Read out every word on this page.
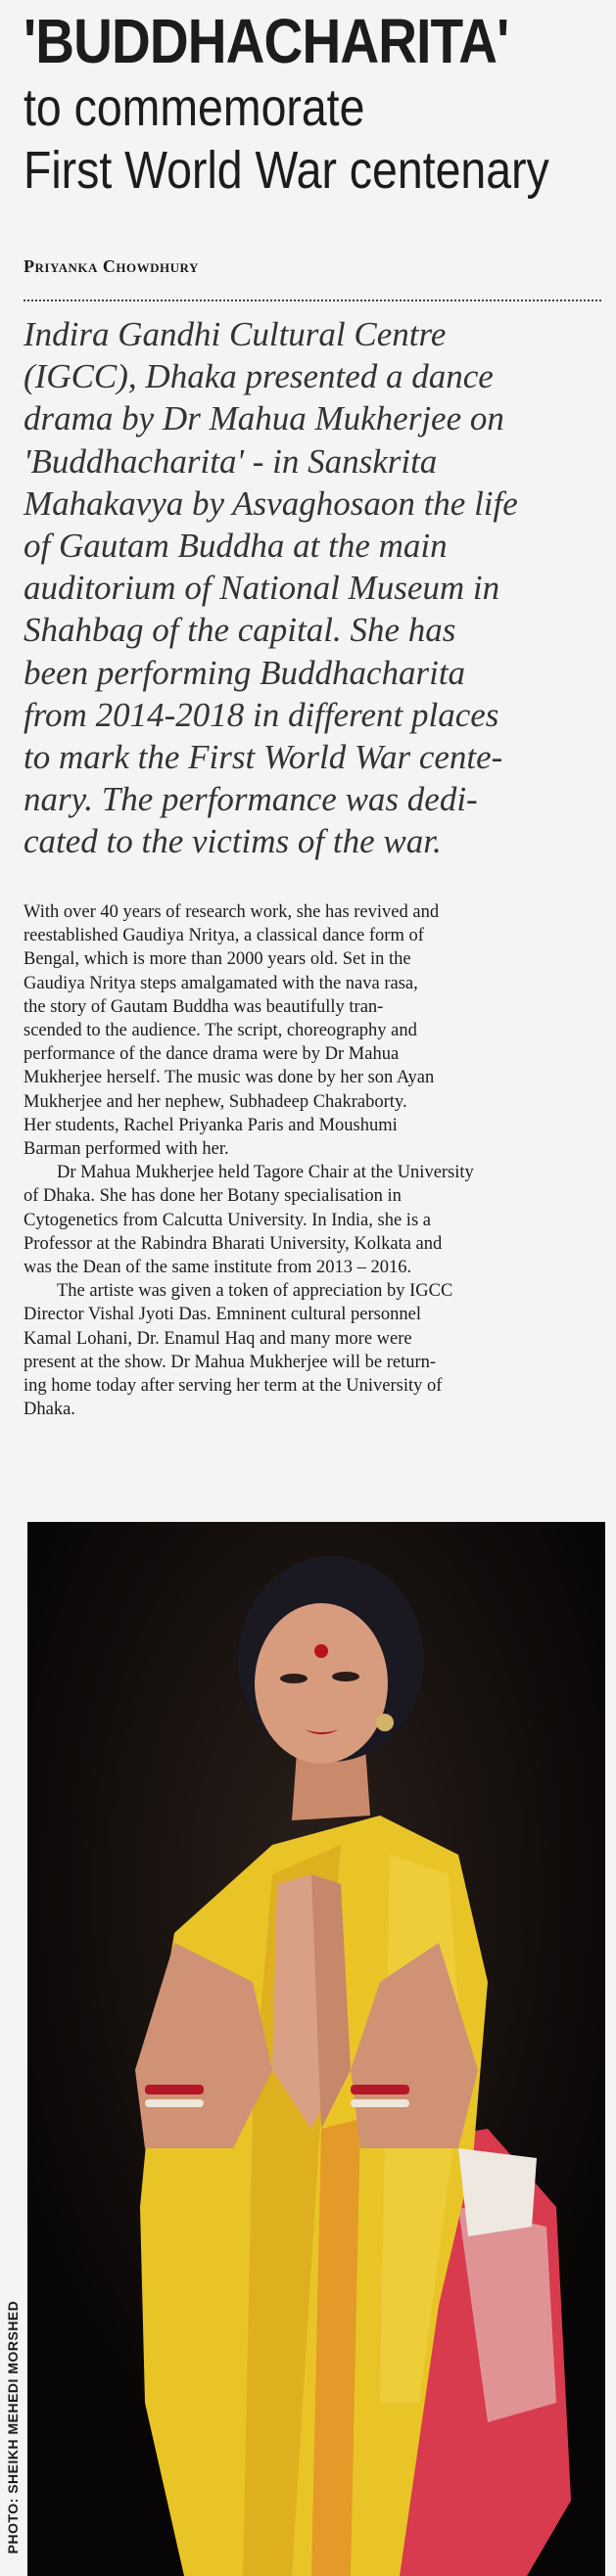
'BUDDHACHARITA'
to commemorate
First World War centenary
Priyanka Chowdhury
Indira Gandhi Cultural Centre
(IGCC), Dhaka presented a dance
drama by Dr Mahua Mukherjee on
'Buddhacharita' - in Sanskrita
Mahakavya by Asvaghosaon the life
of Gautam Buddha at the main
auditorium of National Museum in
Shahbag of the capital. She has
been performing Buddhacharita
from 2014-2018 in different places
to mark the First World War cente-
nary. The performance was dedi-
cated to the victims of the war.
With over 40 years of research work, she has revived and
reestablished Gaudiya Nritya, a classical dance form of
Bengal, which is more than 2000 years old. Set in the
Gaudiya Nritya steps amalgamated with the nava rasa,
the story of Gautam Buddha was beautifully tran-
scended to the audience. The script, choreography and
performance of the dance drama were by Dr Mahua
Mukherjee herself. The music was done by her son Ayan
Mukherjee and her nephew, Subhadeep Chakraborty.
Her students, Rachel Priyanka Paris and Moushumi
Barman performed with her.
Dr Mahua Mukherjee held Tagore Chair at the University
of Dhaka. She has done her Botany specialisation in
Cytogenetics from Calcutta University. In India, she is a
Professor at the Rabindra Bharati University, Kolkata and
was the Dean of the same institute from 2013 – 2016.
The artiste was given a token of appreciation by IGCC
Director Vishal Jyoti Das. Emninent cultural personnel
Kamal Lohani, Dr. Enamul Haq and many more were
present at the show. Dr Mahua Mukherjee will be return-
ing home today after serving her term at the University of
Dhaka.
PHOTO: SHEIKH MEHEDI MORSHED
